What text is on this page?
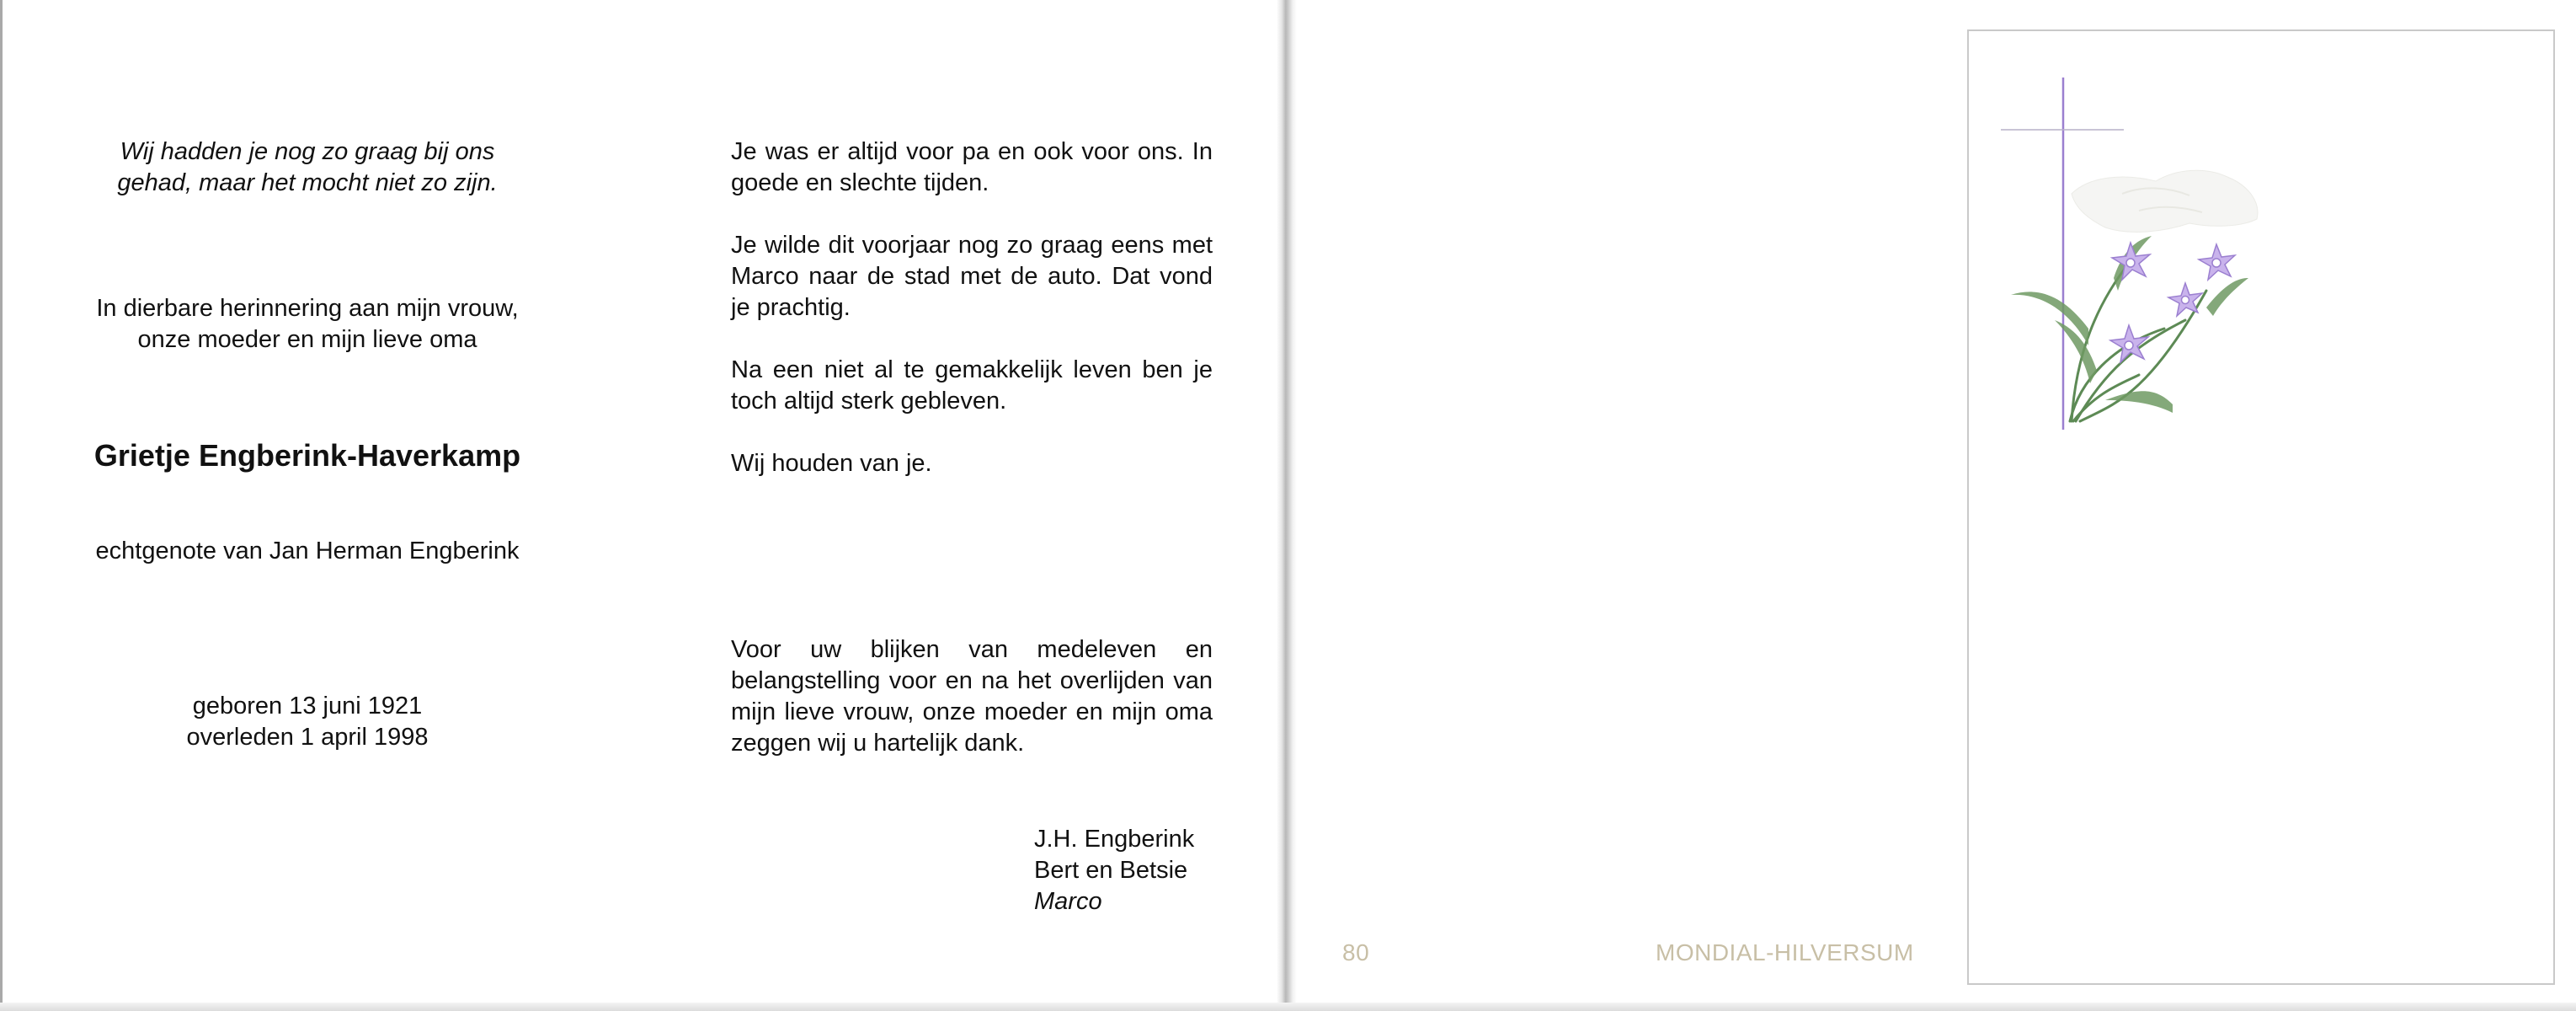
Wij hadden je nog zo graag bij ons
gehad, maar het mocht niet zo zijn.
In dierbare herinnering aan mijn vrouw,
onze moeder en mijn lieve oma
Grietje Engberink-Haverkamp
echtgenote van Jan Herman Engberink
geboren 13 juni 1921
overleden 1 april 1998

Je was er altijd voor pa en ook voor ons. In goede en slechte tijden.

Je wilde dit voorjaar nog zo graag eens met Marco naar de stad met de auto. Dat vond je prachtig.

Na een niet al te gemakkelijk leven ben je toch altijd sterk gebleven.

Wij houden van je.

Voor uw blijken van medeleven en belangstelling voor en na het overlijden van mijn lieve vrouw, onze moeder en mijn oma zeggen wij u hartelijk dank.
J.H. Engberink
Bert en Betsie
Marco
80	MONDIAL-HILVERSUM
